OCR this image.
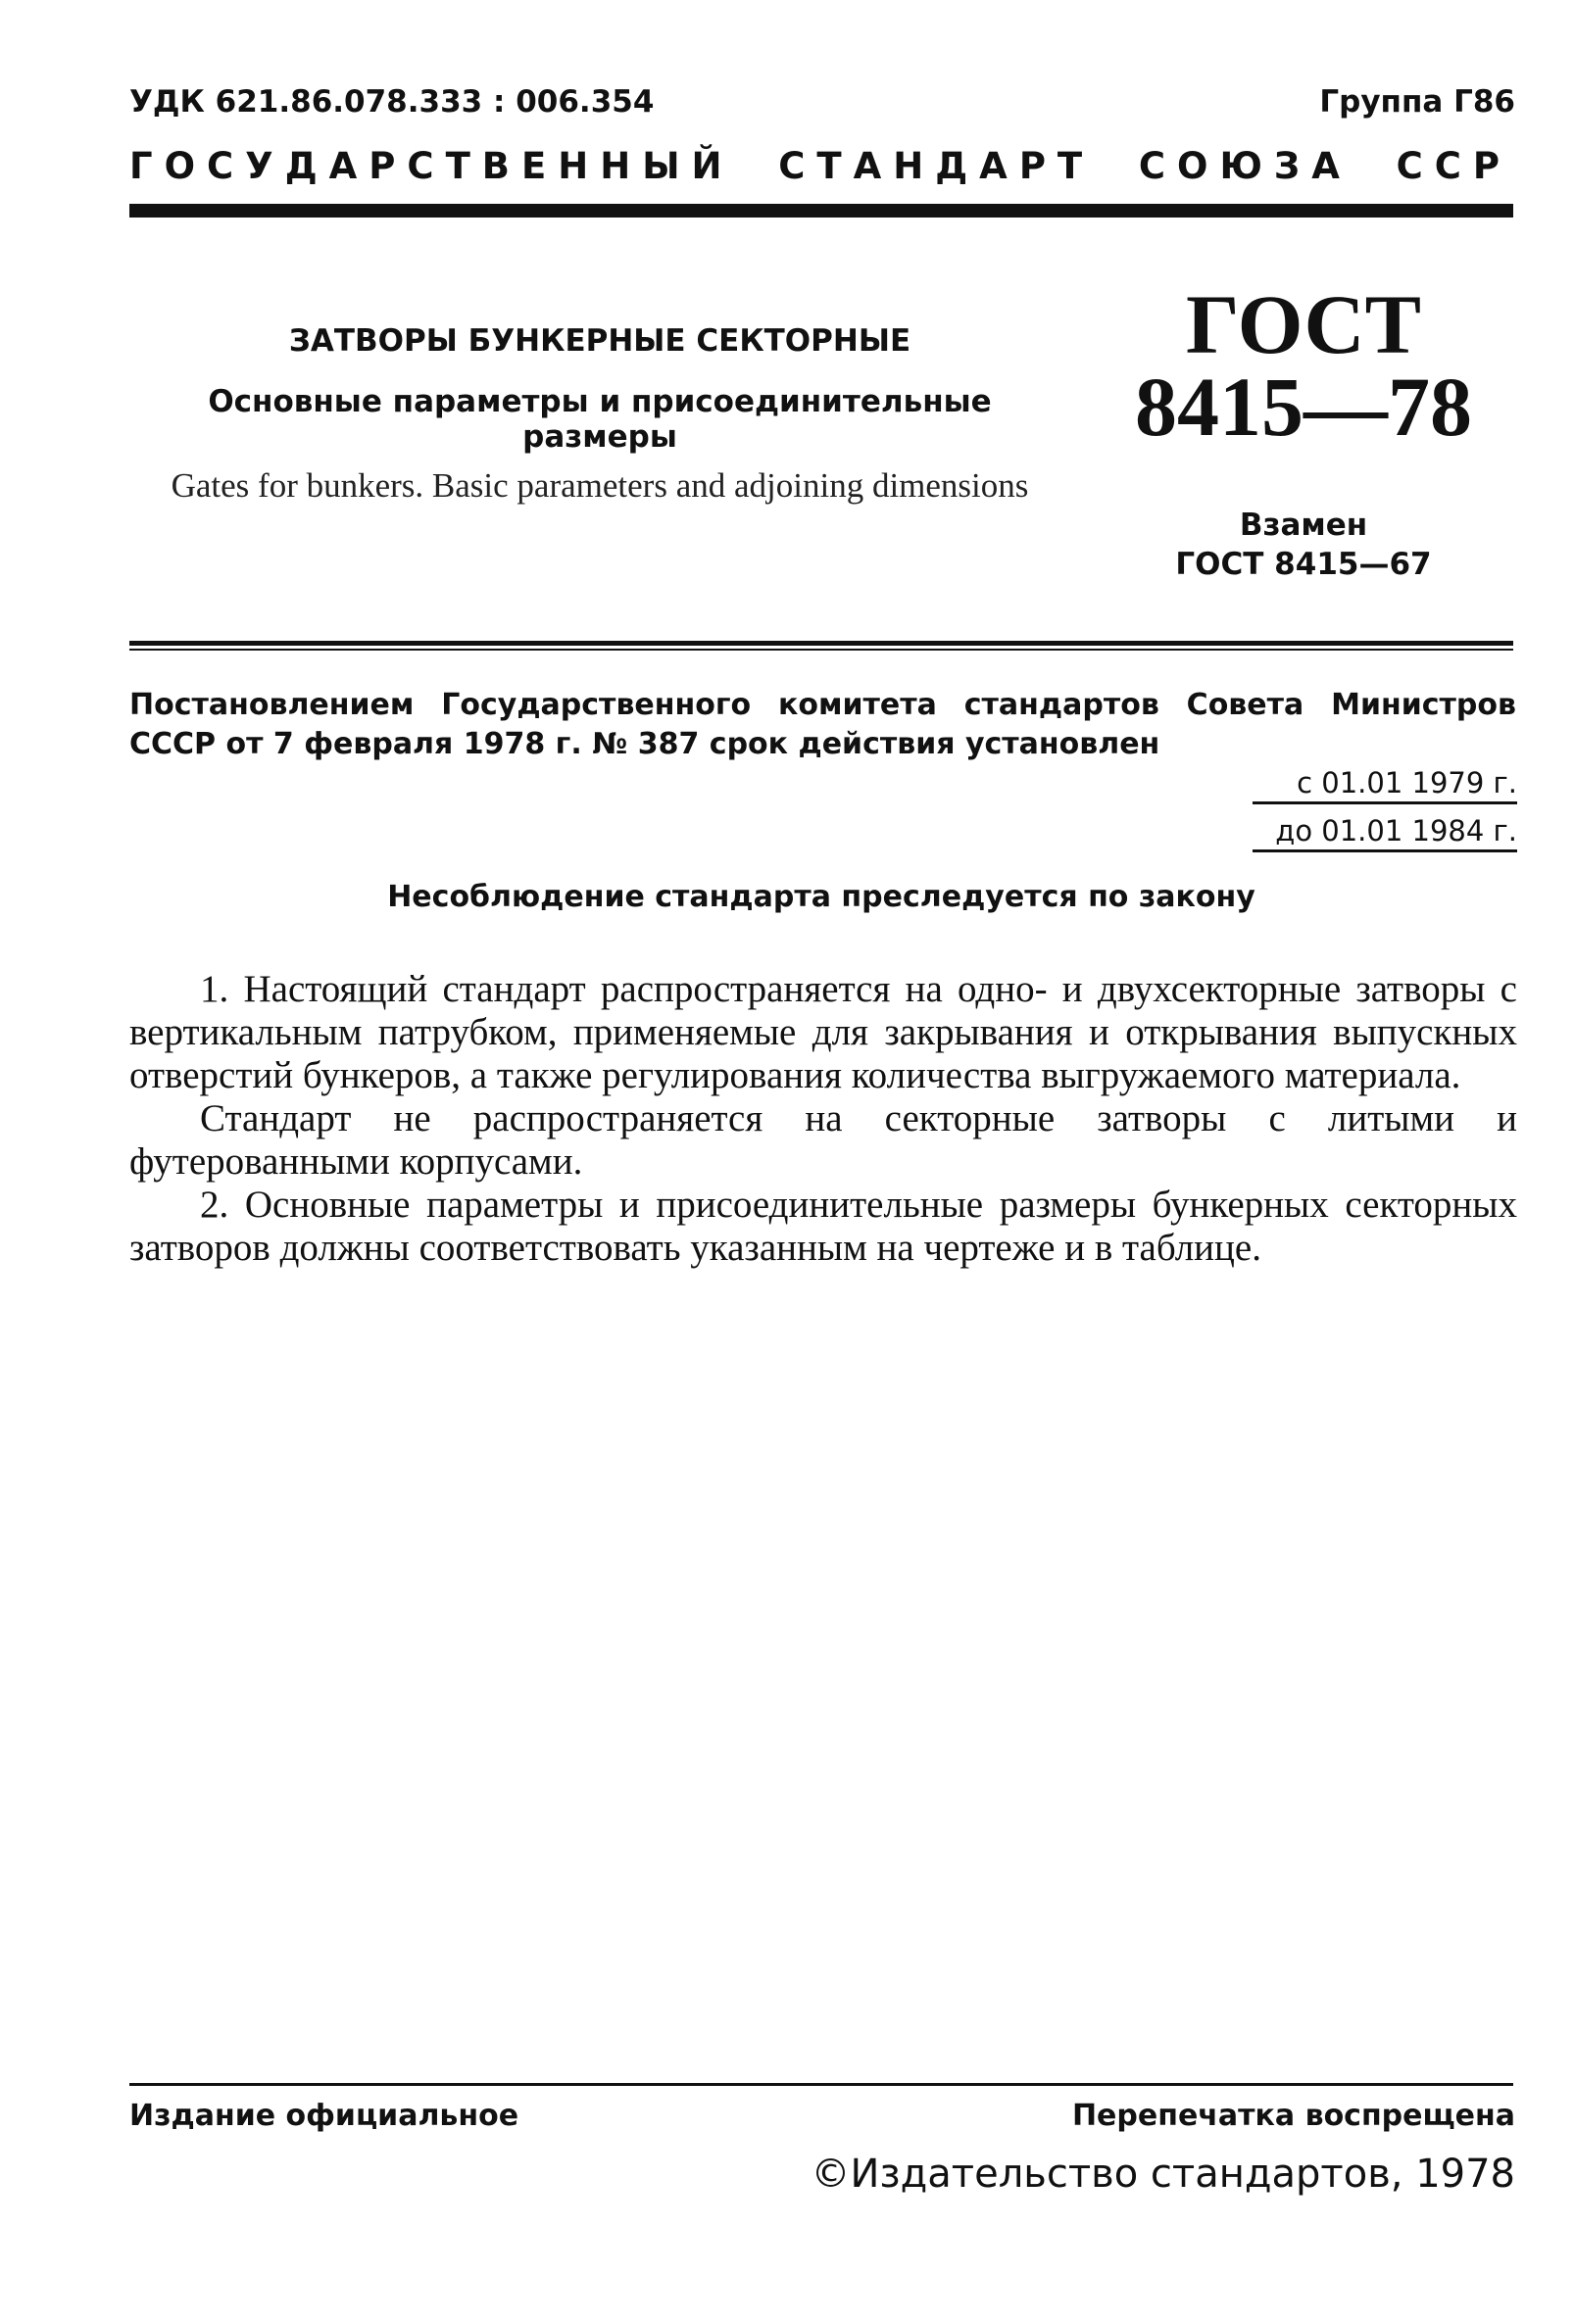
УДК 621.86.078.333 : 006.354	Группа Г86
ГОСУДАРСТВЕННЫЙ СТАНДАРТ СОЮЗА ССР
ЗАТВОРЫ БУНКЕРНЫЕ СЕКТОРНЫЕ
Основные параметры и присоединительные размеры
Gates for bunkers. Basic parameters and adjoining dimensions
ГОСТ
8415—78
Взамен
ГОСТ 8415—67
Постановлением Государственного комитета стандартов Совета Министров СССР от 7 февраля 1978 г. № 387 срок действия установлен
с 01.01 1979 г.
до 01.01 1984 г.
Несоблюдение стандарта преследуется по закону

1. Настоящий стандарт распространяется на одно- и двухсекторные затворы с вертикальным патрубком, применяемые для закрывания и открывания выпускных отверстий бункеров, а также регулирования количества выгружаемого материала.

Стандарт не распространяется на секторные затворы с литыми и футерованными корпусами.

2. Основные параметры и присоединительные размеры бункерных секторных затворов должны соответствовать указанным на чертеже и в таблице.

Издание официальное	Перепечатка воспрещена
©Издательство стандартов, 1978
